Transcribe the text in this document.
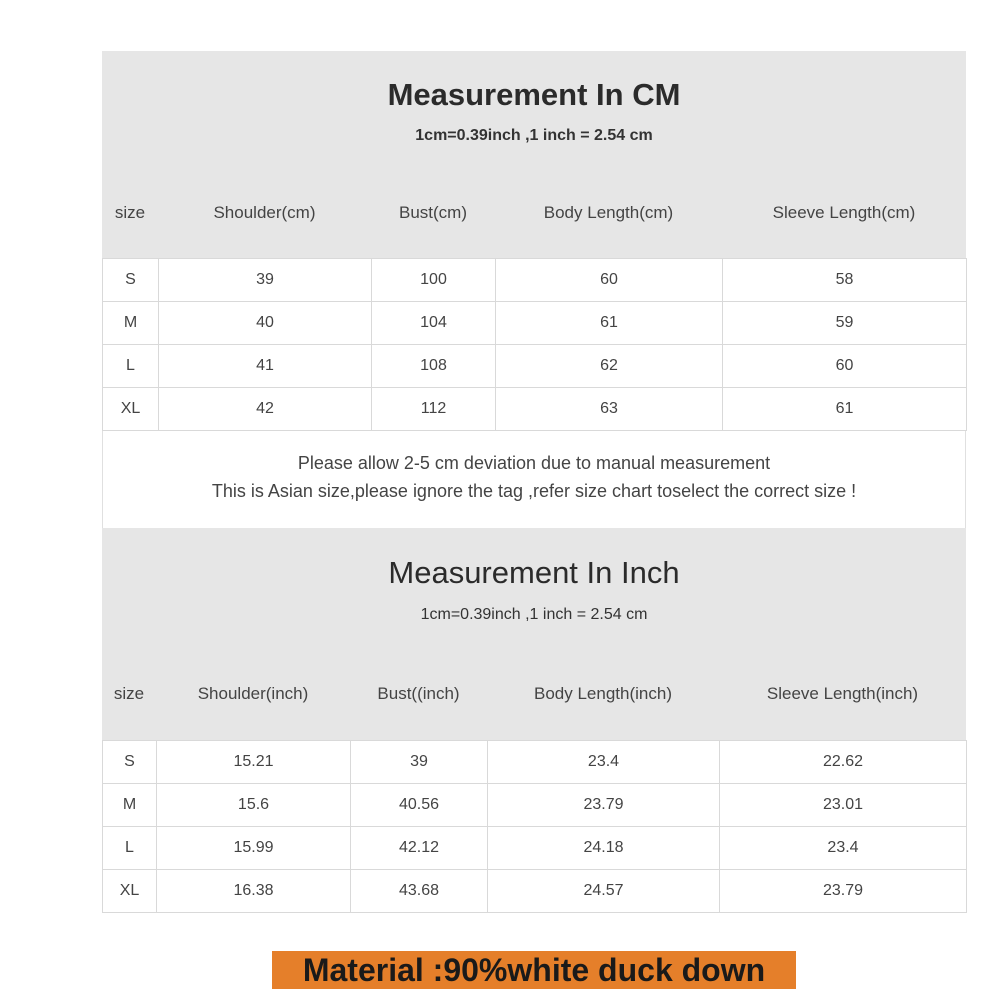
Measurement In CM
1cm=0.39inch ,1 inch = 2.54 cm
size	Shoulder(cm)	Bust(cm)	Body Length(cm)	Sleeve Length(cm)
S	39	100	60	58
M	40	104	61	59
L	41	108	62	60
XL	42	112	63	61
Please allow 2-5 cm deviation due to manual measurement
This is Asian size,please ignore the tag ,refer size chart toselect the correct size !
Measurement In Inch
1cm=0.39inch ,1 inch = 2.54 cm
size	Shoulder(inch)	Bust((inch)	Body Length(inch)	Sleeve Length(inch)
S	15.21	39	23.4	22.62
M	15.6	40.56	23.79	23.01
L	15.99	42.12	24.18	23.4
XL	16.38	43.68	24.57	23.79
Material :90%white duck down
